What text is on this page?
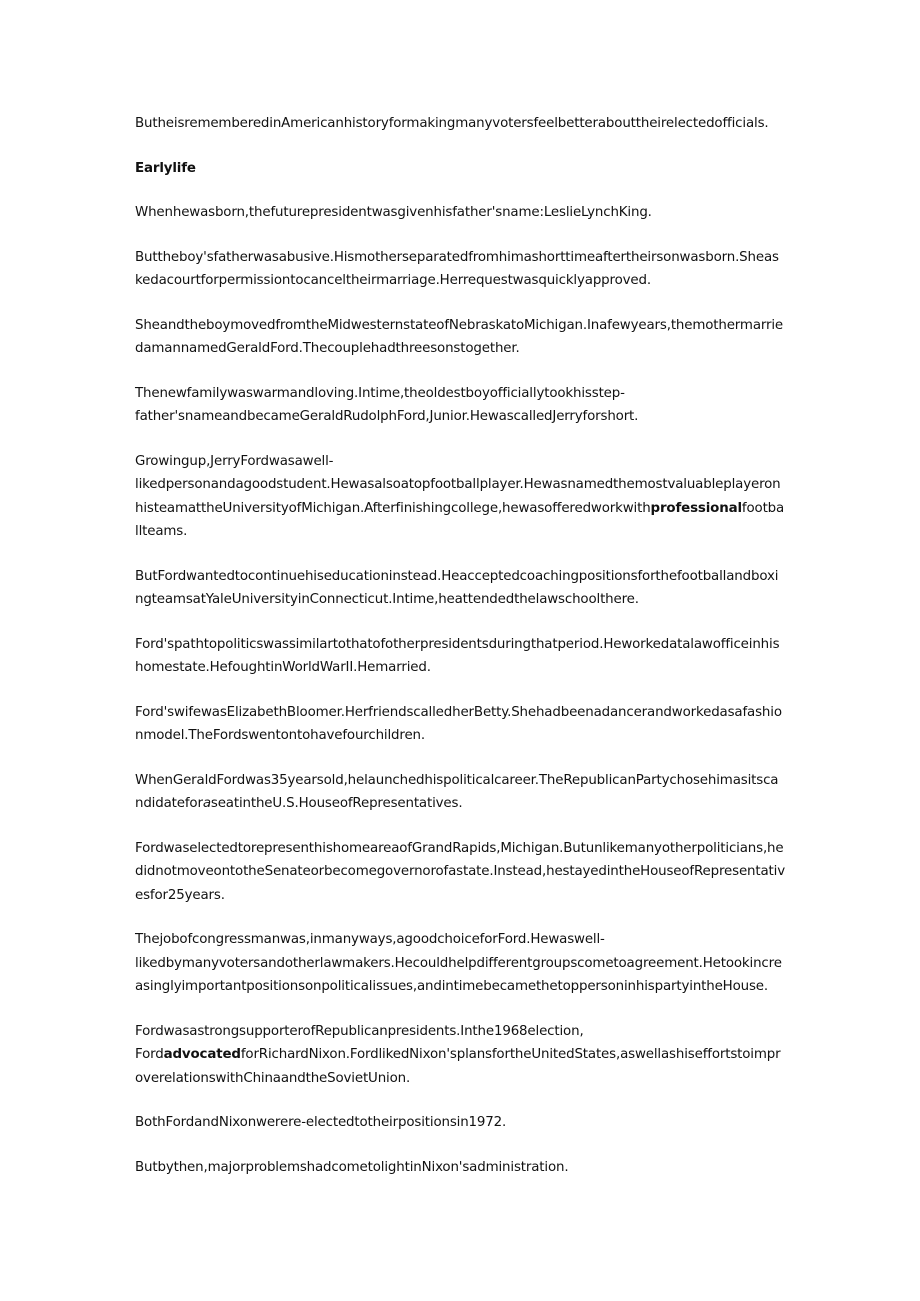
ButheisrememberedinAmericanhistoryformakingmanyvotersfeelbetterabouttheirelectedofficials.

Earlylife

Whenhewasborn,thefuturepresidentwasgivenhisfather'sname:LeslieLynchKing.

Buttheboy'sfatherwasabusive.Hismotherseparatedfromhimashorttimeaftertheirsonwasborn.Sheaskedacourtforpermissiontocanceltheirmarriage.Herrequestwasquicklyapproved.

She​andtheboymovedfromtheMidwesternstateofNebraskatoMichigan.Inafewyears,themothermarriedamannamedGeraldFord.Thecouplehadthreesonstogether.

Thenewfamilywaswarmandloving.Intime,theoldestboyofficiallytookhisstep-
father'snameandbecameGeraldRudolphFord,Junior.HewascalledJerryforshort.

Growingup,JerryFordwasawell-
likedpersonandagoodstudent.Hewasalsoatopfootballplayer.HewasnamedthemostvaluableplayeronhisteamattheUniversityofMichigan.Afterfinishingcollege,hewasofferedworkwithprofessionalfootballteams.

ButFordwantedtocontinuehiseducationinstead.HeacceptedcoachingpositionsforthefootballandboxingteamsatYaleUniversityinConnecticut.Intime,heattendedthelawschoolthere.

Ford'spathtopoliticswassimilartothatofotherpresidentsduringthatperiod.Heworkedatalawofficeinhishomestate.HefoughtinWorldWarII.Hemarried.

Ford'swifewasElizabethBloomer.HerfriendscalledherBetty.Shehadbeenadancerandworkedasafashionmodel.TheFordswentontohavefourchildren.

WhenGeraldFordwas35yearsold,helaunchedhispoliticalcareer.TheRepublicanPartychosehimasitscandidateforaseatintheU.S.HouseofRepresentatives.

FordwaselectedtorepresenthishomeareaofGrandRapids,Michigan.Butunlikemanyotherpoliticians,hedidnotmoveontotheSenateorbecomegovernorofastate.Instead,hestayedintheHouseofRepresentativesfor25years.

Thejobofcongressmanwas,inmanyways,agoodchoiceforFord.Hewaswell-
likedbymanyvotersandotherlawmakers.Hecouldhelpdifferentgroupscometoagreement.Hetookincreasinglyimportantpositionsonpoliticalissues,andintimebecamethetoppersoninhispartyintheHouse.

FordwasastrongsupporterofRepublicanpresidents.Inthe1968election,
FordadvocatedforRichardNixon.FordlikedNixon'splansfortheUnitedStates,aswellashiseffortstoimproverelationswithChinaandtheSovietUnion.

BothFordandNixonwerere-electedtotheirpositionsin1972.

Butbythen,majorproblemshadcometolightinNixon'sadministration.
